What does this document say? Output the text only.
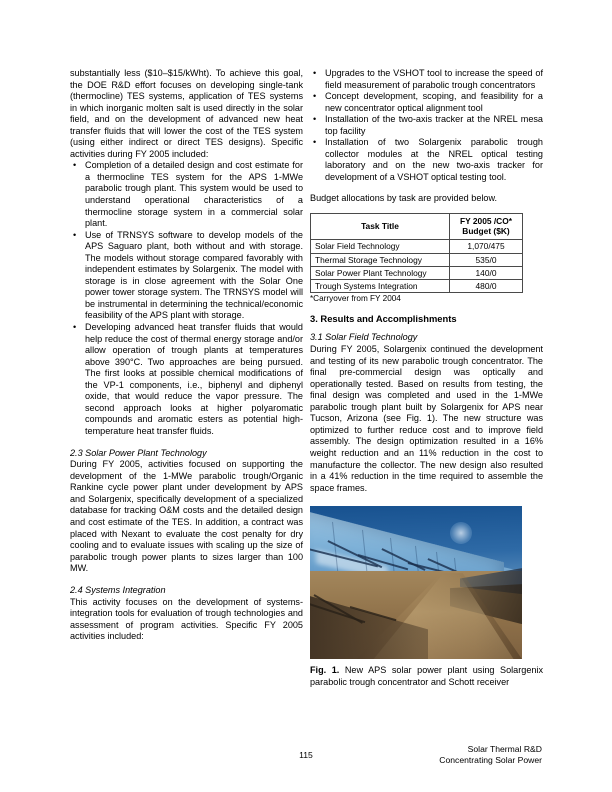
substantially less ($10–$15/kWht). To achieve this goal, the DOE R&D effort focuses on developing single-tank (thermocline) TES systems, application of TES systems in which inorganic molten salt is used directly in the solar field, and on the development of advanced new heat transfer fluids that will lower the cost of the TES system (using either indirect or direct TES designs). Specific activities during FY 2005 included:

• Completion of a detailed design and cost estimate for a thermocline TES system for the APS 1-MWe parabolic trough plant. This system would be used to understand operational characteristics of a thermocline storage system in a commercial solar plant.
• Use of TRNSYS software to develop models of the APS Saguaro plant, both without and with storage. The models without storage compared favorably with independent estimates by Solargenix. The model with storage is in close agreement with the Solar One power tower storage system. The TRNSYS model will be instrumental in determining the technical/economic feasibility of the APS plant with storage.
• Developing advanced heat transfer fluids that would help reduce the cost of thermal energy storage and/or allow operation of trough plants at temperatures above 390°C. Two approaches are being pursued. The first looks at possible chemical modifications of the VP-1 components, i.e., biphenyl and diphenyl oxide, that would reduce the vapor pressure. The second approach looks at higher polyaromatic compounds and aromatic esters as potential high-temperature heat transfer fluids.
2.3 Solar Power Plant Technology

During FY 2005, activities focused on supporting the development of the 1-MWe parabolic trough/Organic Rankine cycle power plant under development by APS and Solargenix, specifically development of a specialized database for tracking O&M costs and the detailed design and cost estimate of the TES. In addition, a contract was placed with Nexant to evaluate the cost penalty for dry cooling and to evaluate issues with scaling up the size of parabolic trough power plants to sizes larger than 100 MW.

2.4 Systems Integration

This activity focuses on the development of systems-integration tools for evaluation of trough technologies and assessment of program activities. Specific FY 2005 activities included:

• Upgrades to the VSHOT tool to increase the speed of field measurement of parabolic trough concentrators
• Concept development, scoping, and feasibility for a new concentrator optical alignment tool
• Installation of the two-axis tracker at the NREL mesa top facility
• Installation of two Solargenix parabolic trough collector modules at the NREL optical testing laboratory and on the new two-axis tracker for development of a VSHOT optical testing tool.

Budget allocations by task are provided below.

Task Title	FY 2005 /CO*
Budget ($K)
Solar Field Technology	1,070/475
Thermal Storage Technology	535/0
Solar Power Plant Technology	140/0
Trough Systems Integration	480/0

*Carryover from FY 2004

3. Results and Accomplishments
3.1 Solar Field Technology

During FY 2005, Solargenix continued the development and testing of its new parabolic trough concentrator. The final pre-commercial design was optically and operationally tested. Based on results from testing, the final design was completed and used in the 1-MWe parabolic trough plant built by Solargenix for APS near Tucson, Arizona (see Fig. 1). The new structure was optimized to further reduce cost and to improve field assembly. The design optimization resulted in a 16% weight reduction and an 11% reduction in the cost to manufacture the collector. The new design also resulted in a 41% reduction in the time required to assemble the space frames.

Fig. 1. New APS solar power plant using Solargenix parabolic trough concentrator and Schott receiver

115
Solar Thermal R&D
Concentrating Solar Power
